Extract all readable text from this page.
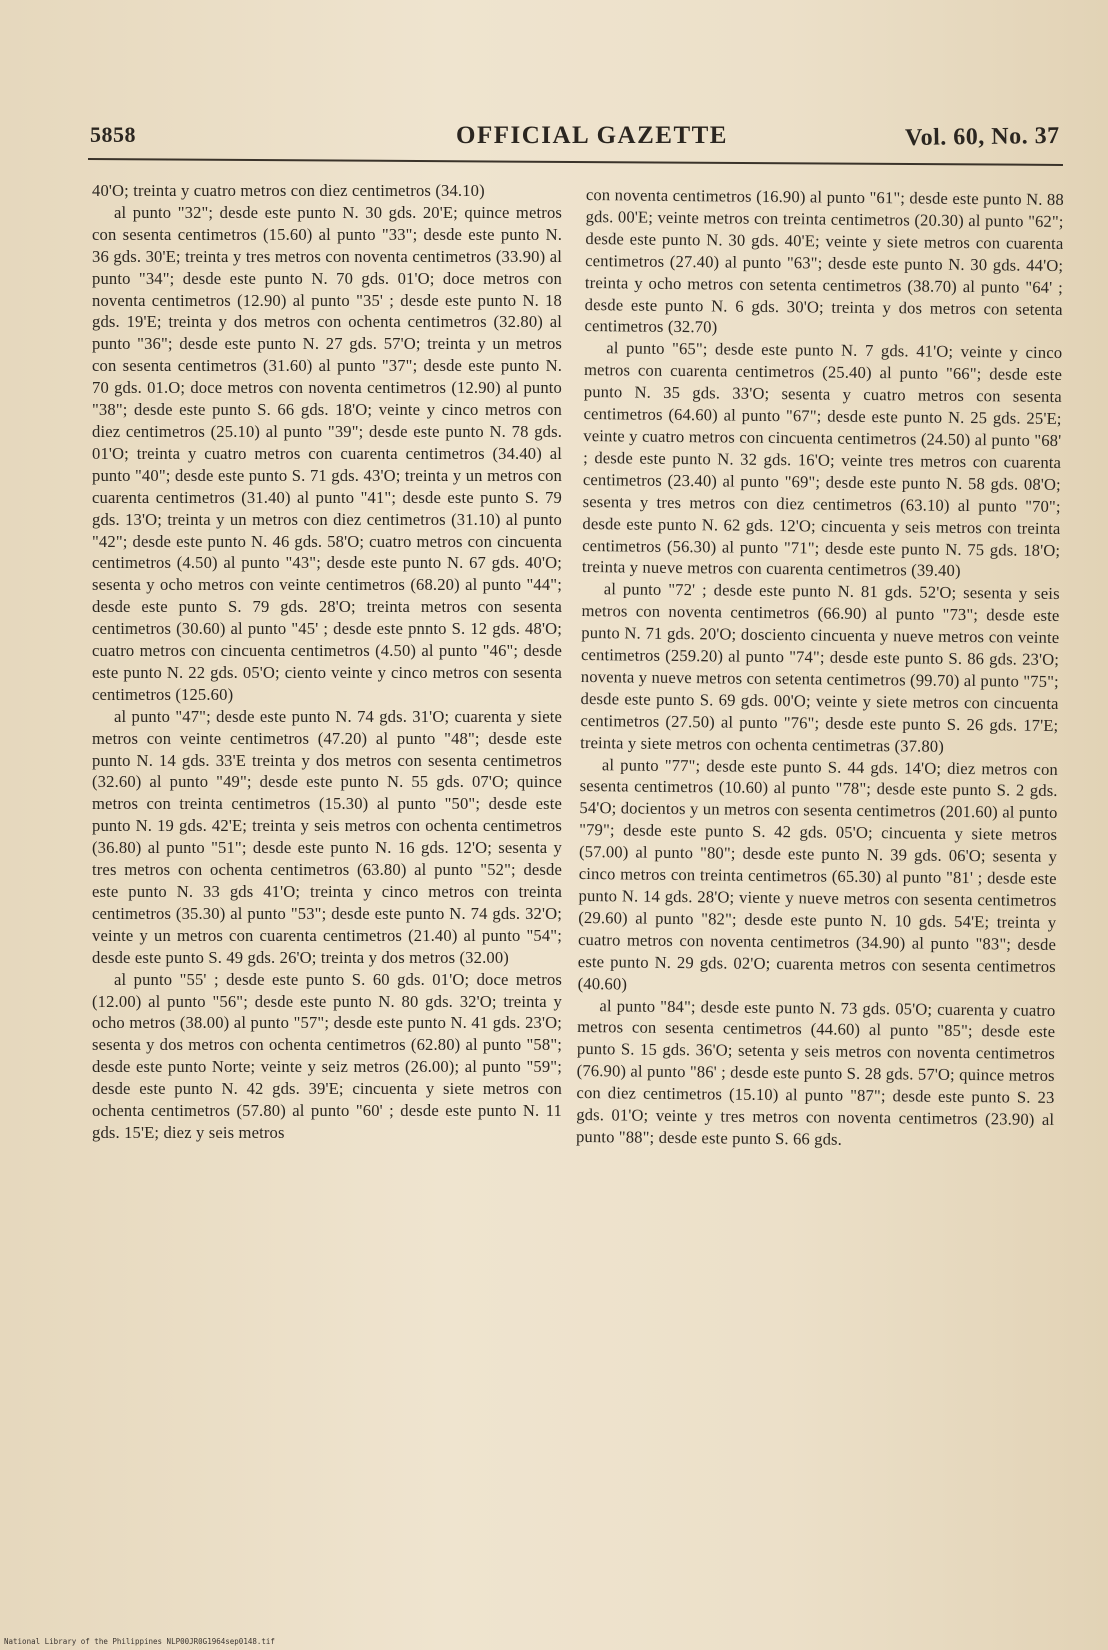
5858	OFFICIAL GAZETTE	Vol. 60, No. 37

40'O; treinta y cuatro metros con diez centimetros (34.10)

al punto "32"; desde este punto N. 30 gds. 20'E; quince metros con sesenta centimetros (15.60) al punto "33"; desde este punto N. 36 gds. 30'E; treinta y tres metros con noventa centimetros (33.90) al punto "34"; desde este punto N. 70 gds. 01'O; doce metros con noventa centimetros (12.90) al punto "35' ; desde este punto N. 18 gds. 19'E; treinta y dos metros con ochenta centimetros (32.80) al punto "36"; desde este punto N. 27 gds. 57'O; treinta y un metros con sesenta centimetros (31.60) al punto "37"; desde este punto N. 70 gds. 01.O; doce metros con noventa centimetros (12.90) al punto "38"; desde este punto S. 66 gds. 18'O; veinte y cinco metros con diez centimetros (25.10) al punto "39"; desde este punto N. 78 gds. 01'O; treinta y cuatro metros con cuarenta centimetros (34.40) al punto "40"; desde este punto S. 71 gds. 43'O; treinta y un metros con cuarenta centimetros (31.40) al punto "41"; desde este punto S. 79 gds. 13'O; treinta y un metros con diez centimetros (31.10) al punto "42"; desde este punto N. 46 gds. 58'O; cuatro metros con cincuenta centimetros (4.50) al punto "43"; desde este punto N. 67 gds. 40'O; sesenta y ocho metros con veinte centimetros (68.20) al punto "44"; desde este punto S. 79 gds. 28'O; treinta metros con sesenta centimetros (30.60) al punto "45' ; desde este pnnto S. 12 gds. 48'O; cuatro metros con cincuenta centimetros (4.50) al punto "46"; desde este punto N. 22 gds. 05'O; ciento veinte y cinco metros con sesenta centimetros (125.60)

al punto "47"; desde este punto N. 74 gds. 31'O; cuarenta y siete metros con veinte centimetros (47.20) al punto "48"; desde este punto N. 14 gds. 33'E treinta y dos metros con sesenta centimetros (32.60) al punto "49"; desde este punto N. 55 gds. 07'O; quince metros con treinta centimetros (15.30) al punto "50"; desde este punto N. 19 gds. 42'E; treinta y seis metros con ochenta centimetros (36.80) al punto "51"; desde este punto N. 16 gds. 12'O; sesenta y tres metros con ochenta centimetros (63.80) al punto "52"; desde este punto N. 33 gds 41'O; treinta y cinco metros con treinta centimetros (35.30) al punto "53"; desde este punto N. 74 gds. 32'O; veinte y un metros con cuarenta centimetros (21.40) al punto "54"; desde este punto S. 49 gds. 26'O; treinta y dos metros (32.00)

al punto "55' ; desde este punto S. 60 gds. 01'O; doce metros (12.00) al punto "56"; desde este punto N. 80 gds. 32'O; treinta y ocho metros (38.00) al punto "57"; desde este punto N. 41 gds. 23'O; sesenta y dos metros con ochenta centimetros (62.80) al punto "58"; desde este punto Norte; veinte y seiz metros (26.00); al punto "59"; desde este punto N. 42 gds. 39'E; cincuenta y siete metros con ochenta centimetros (57.80) al punto "60' ; desde este punto N. 11 gds. 15'E; diez y seis metros

con noventa centimetros (16.90) al punto "61"; desde este punto N. 88 gds. 00'E; veinte metros con treinta centimetros (20.30) al punto "62"; desde este punto N. 30 gds. 40'E; veinte y siete metros con cuarenta centimetros (27.40) al punto "63"; desde este punto N. 30 gds. 44'O; treinta y ocho metros con setenta centimetros (38.70) al punto "64' ; desde este punto N. 6 gds. 30'O; treinta y dos metros con setenta centimetros (32.70)

al punto "65"; desde este punto N. 7 gds. 41'O; veinte y cinco metros con cuarenta centimetros (25.40) al punto "66"; desde este punto N. 35 gds. 33'O; sesenta y cuatro metros con sesenta centimetros (64.60) al punto "67"; desde este punto N. 25 gds. 25'E; veinte y cuatro metros con cincuenta centimetros (24.50) al punto "68' ; desde este punto N. 32 gds. 16'O; veinte tres metros con cuarenta centimetros (23.40) al punto "69"; desde este punto N. 58 gds. 08'O; sesenta y tres metros con diez centimetros (63.10) al punto "70"; desde este punto N. 62 gds. 12'O; cincuenta y seis metros con treinta centimetros (56.30) al punto "71"; desde este punto N. 75 gds. 18'O; treinta y nueve metros con cuarenta centimetros (39.40)

al punto "72' ; desde este punto N. 81 gds. 52'O; sesenta y seis metros con noventa centimetros (66.90) al punto "73"; desde este punto N. 71 gds. 20'O; dosciento cincuenta y nueve metros con veinte centimetros (259.20) al punto "74"; desde este punto S. 86 gds. 23'O; noventa y nueve metros con setenta centimetros (99.70) al punto "75"; desde este punto S. 69 gds. 00'O; veinte y siete metros con cincuenta centimetros (27.50) al punto "76"; desde este punto S. 26 gds. 17'E; treinta y siete metros con ochenta centimetras (37.80)

al punto "77"; desde este punto S. 44 gds. 14'O; diez metros con sesenta centimetros (10.60) al punto "78"; desde este punto S. 2 gds. 54'O; docientos y un metros con sesenta centimetros (201.60) al punto "79"; desde este punto S. 42 gds. 05'O; cincuenta y siete metros (57.00) al punto "80"; desde este punto N. 39 gds. 06'O; sesenta y cinco metros con treinta centimetros (65.30) al punto "81' ; desde este punto N. 14 gds. 28'O; viente y nueve metros con sesenta centimetros (29.60) al punto "82"; desde este punto N. 10 gds. 54'E; treinta y cuatro metros con noventa centimetros (34.90) al punto "83"; desde este punto N. 29 gds. 02'O; cuarenta metros con sesenta centimetros (40.60)

al punto "84"; desde este punto N. 73 gds. 05'O; cuarenta y cuatro metros con sesenta centimetros (44.60) al punto "85"; desde este punto S. 15 gds. 36'O; setenta y seis metros con noventa centimetros (76.90) al punto "86' ; desde este punto S. 28 gds. 57'O; quince metros con diez centimetros (15.10) al punto "87"; desde este punto S. 23 gds. 01'O; veinte y tres metros con noventa centimetros (23.90) al punto "88"; desde este punto S. 66 gds.

National Library of the Philippines NLP00JR0G1964sep0148.tif
